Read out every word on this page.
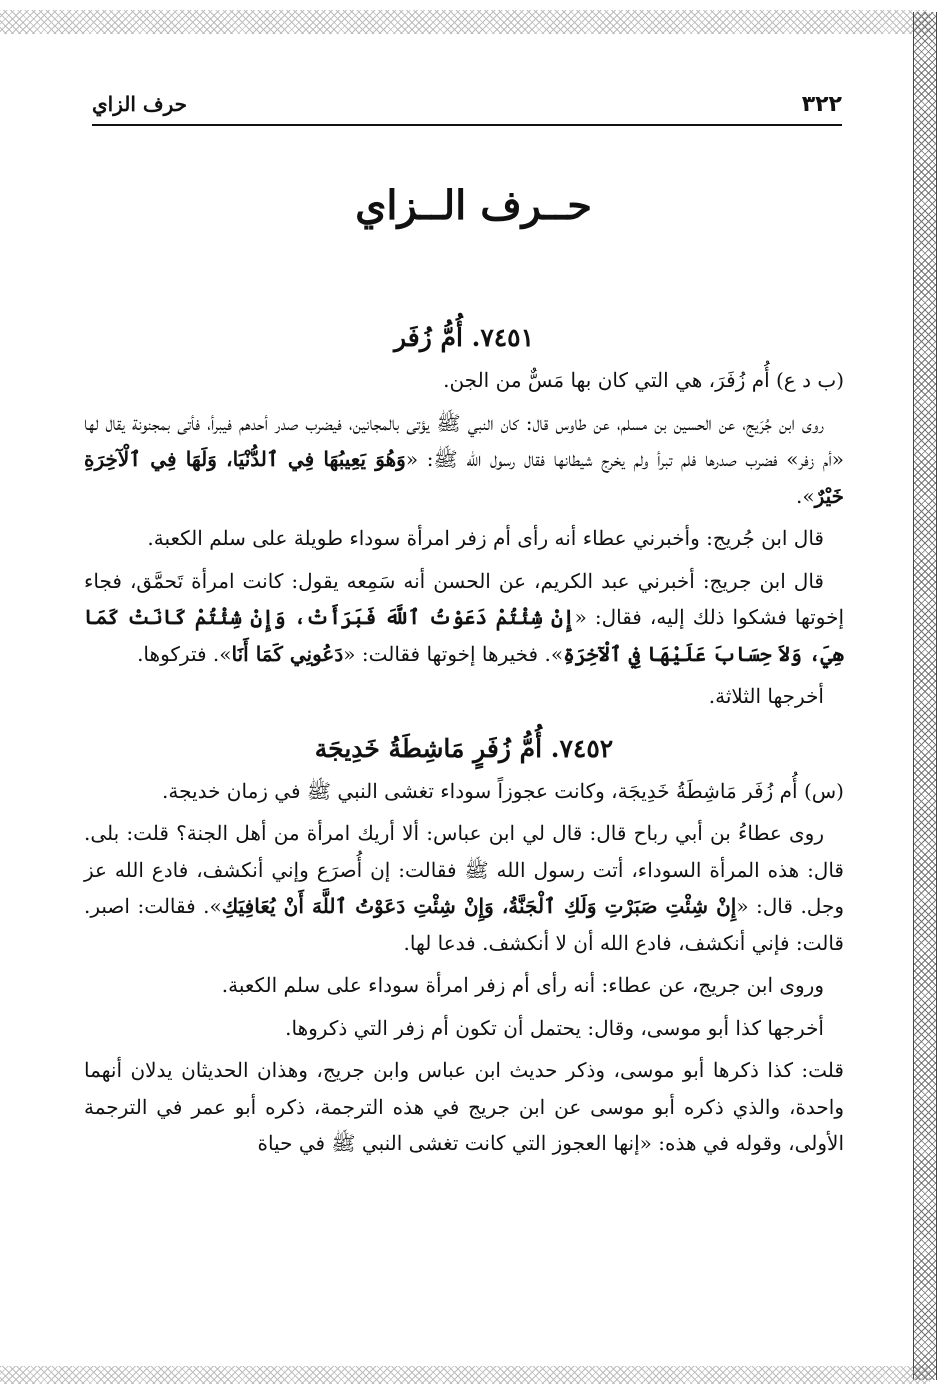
٣٢٢
حرف الزاي
حــرف الــزاي
٧٤٥١. أُمُّ زُفَر

(ب د ع) أُم زُفَرَ، هي التي كان بها مَسٌّ من الجن.

روى ابن جُرَيج، عن الحسين بن مسلم، عن طاوس قال: كان النبي ﷺ يؤتى بالمجانين، فيضرب صدر أحدهم فيبرأ، فأتى بمجنونة يقال لها «أم زفر» فضرب صدرها فلم تبرأ ولم يخرج شيطانها فقال رسول الله ﷺ: «وَهُوَ يَعِيبُهَا فِي ٱلدُّنْيَا، وَلَهَا فِي ٱلْآخِرَةِ خَيْرٌ».

قال ابن جُريج: وأخبرني عطاء أنه رأى أم زفر امرأة سوداء طويلة على سلم الكعبة.

قال ابن جريج: أخبرني عبد الكريم، عن الحسن أنه سَمِعه يقول: كانت امرأة تَحمَّق، فجاء إخوتها فشكوا ذلك إليه، فقال: «إِنْ شِئْتُمْ دَعَوْتُ ٱللَّهَ فَبَرَأَتْ، وَإِنْ شِئْتُمْ كَانَتْ كَمَا هِيَ، وَلاَ حِسَابَ عَلَيْهَا فِي ٱلْآخِرَةِ». فخيرها إخوتها فقالت: «دَعُونِي كَمَا أَنَا». فتركوها.

أخرجها الثلاثة.

٧٤٥٢. أُمُّ زُفَرٍ مَاشِطَةُ خَدِيجَة

(س) أُم زُفَر مَاشِطَةُ خَدِيجَة، وكانت عجوزاً سوداء تغشى النبي ﷺ في زمان خديجة.

روى عطاءُ بن أبي رباح قال: قال لي ابن عباس: ألا أريك امرأة من أهل الجنة؟ قلت: بلى. قال: هذه المرأة السوداء، أتت رسول الله ﷺ فقالت: إن أُصرَع وإني أنكشف، فادع الله عز وجل. قال: «إِنْ شِئْتِ صَبَرْتِ وَلَكِ ٱلْجَنَّةُ، وَإِنْ شِئْتِ دَعَوْتُ ٱللَّهَ أَنْ يُعَافِيَكِ». فقالت: اصبر. قالت: فإني أنكشف، فادع الله أن لا أنكشف. فدعا لها.

وروى ابن جريج، عن عطاء: أنه رأى أم زفر امرأة سوداء على سلم الكعبة.

أخرجها كذا أبو موسى، وقال: يحتمل أن تكون أم زفر التي ذكروها.

قلت: كذا ذكرها أبو موسى، وذكر حديث ابن عباس وابن جريج، وهذان الحديثان يدلان أنهما واحدة، والذي ذكره أبو موسى عن ابن جريج في هذه الترجمة، ذكره أبو عمر في الترجمة الأولى، وقوله في هذه: «إنها العجوز التي كانت تغشى النبي ﷺ في حياة
